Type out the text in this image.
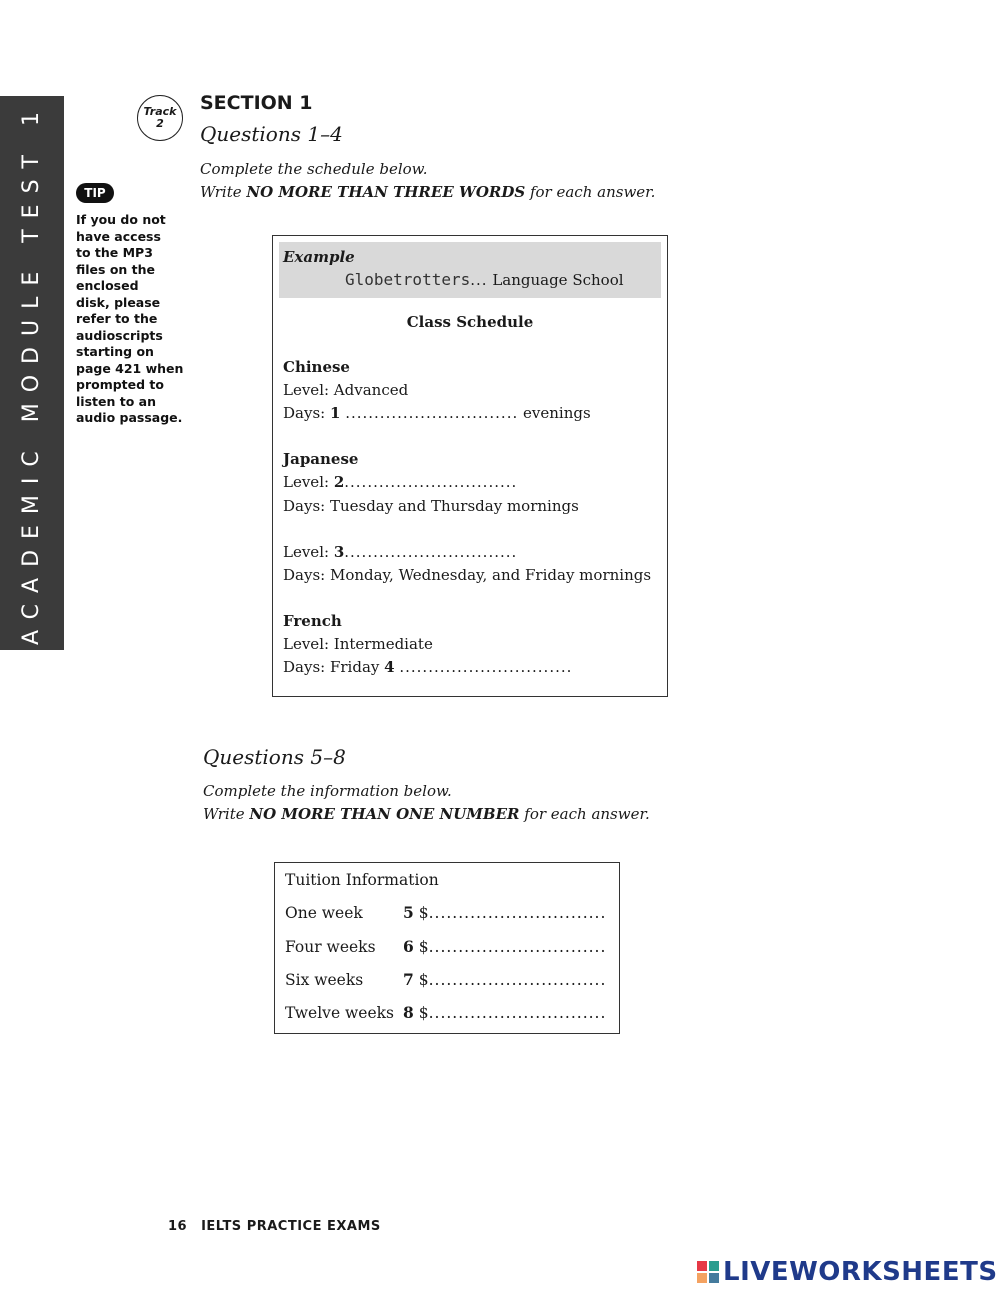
ACADEMIC MODULE TEST 1	Track
2
SECTION 1
TIP
If you do not
have access
to the MP3
files on the
enclosed
disk, please
refer to the
audioscripts
starting on
page 421 when
prompted to
listen to an
audio passage.
Questions 1–4
Complete the schedule below.
Write NO MORE THAN THREE WORDS for each answer.
Example
Globetrotters... Language School
Class Schedule
Chinese
Level: Advanced
Days: 1 .............................. evenings
Japanese
Level: 2..............................
Days: Tuesday and Thursday mornings
Level: 3..............................
Days: Monday, Wednesday, and Friday mornings
French
Level: Intermediate
Days: Friday 4 ..............................
Questions 5–8
Complete the information below.
Write NO MORE THAN ONE NUMBER for each answer.
Tuition Information
One week	5 $..............................
Four weeks 6 $..............................
Six weeks	7 $..............................
Twelve weeks 8 $..............................
16 IELTS PRACTICE EXAMS
LIVEWORKSHEETS
